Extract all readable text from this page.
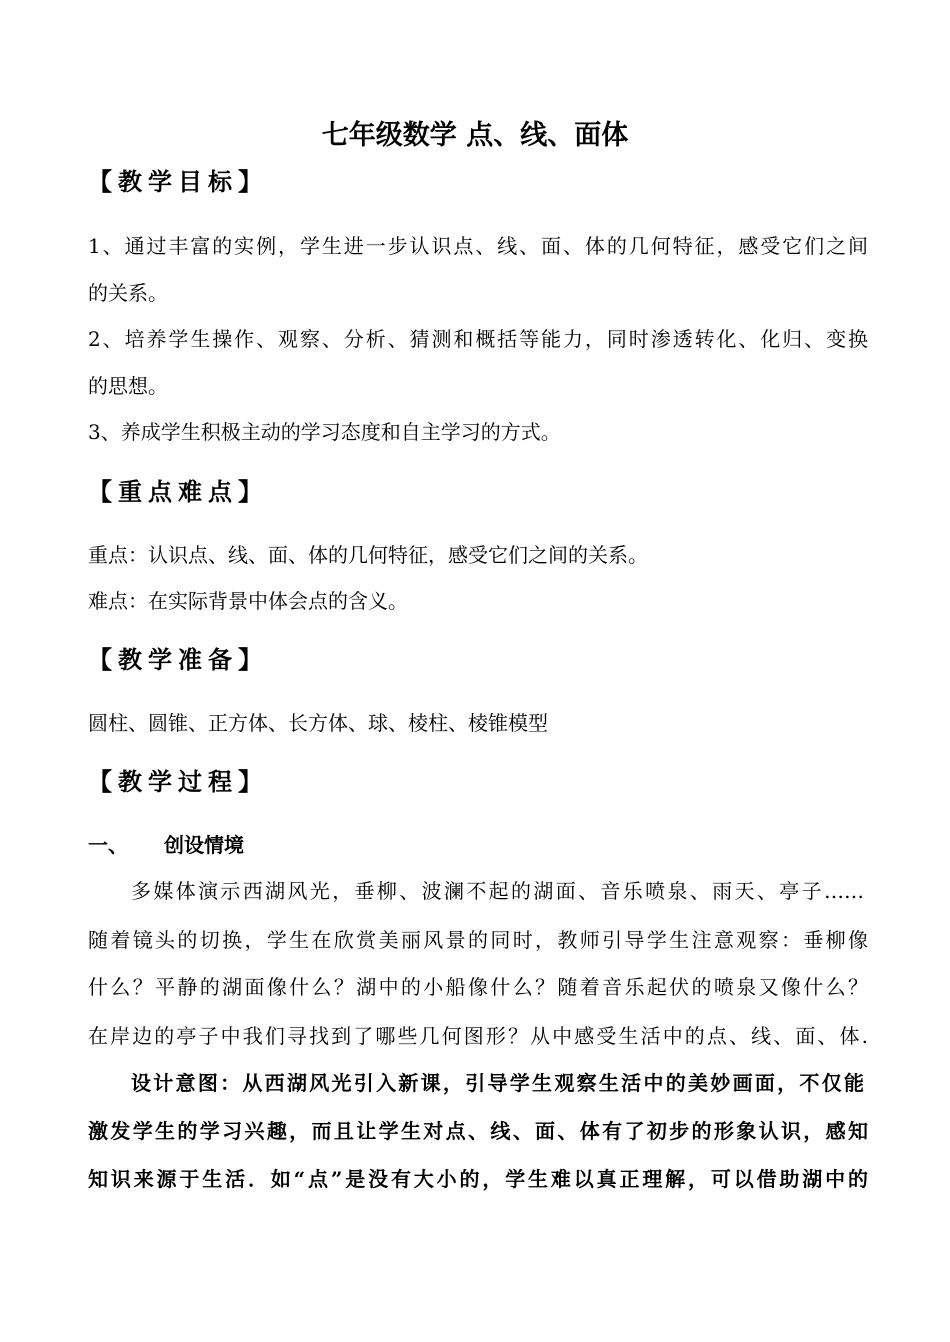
七年级数学 点、线、面体
【教学目标】
1、通过丰富的实例，学生进一步认识点、线、面、体的几何特征，感受它们之间
的关系。
2、培养学生操作、观察、分析、猜测和概括等能力，同时渗透转化、化归、变换
的思想。
3、养成学生积极主动的学习态度和自主学习的方式。
【重点难点】
重点：认识点、线、面、体的几何特征，感受它们之间的关系。
难点：在实际背景中体会点的含义。
【教学准备】
圆柱、圆锥、正方体、长方体、球、棱柱、棱锥模型
【教学过程】
一、 创设情境
多媒体演示西湖风光，垂柳、波澜不起的湖面、音乐喷泉、雨天、亭子……
随着镜头的切换，学生在欣赏美丽风景的同时，教师引导学生注意观察：垂柳像
什么？平静的湖面像什么？湖中的小船像什么？随着音乐起伏的喷泉又像什么？
在岸边的亭子中我们寻找到了哪些几何图形？从中感受生活中的点、线、面、体.
设计意图：从西湖风光引入新课，引导学生观察生活中的美妙画面，不仅能
激发学生的学习兴趣，而且让学生对点、线、面、体有了初步的形象认识，感知
知识来源于生活．如“点”是没有大小的，学生难以真正理解，可以借助湖中的
